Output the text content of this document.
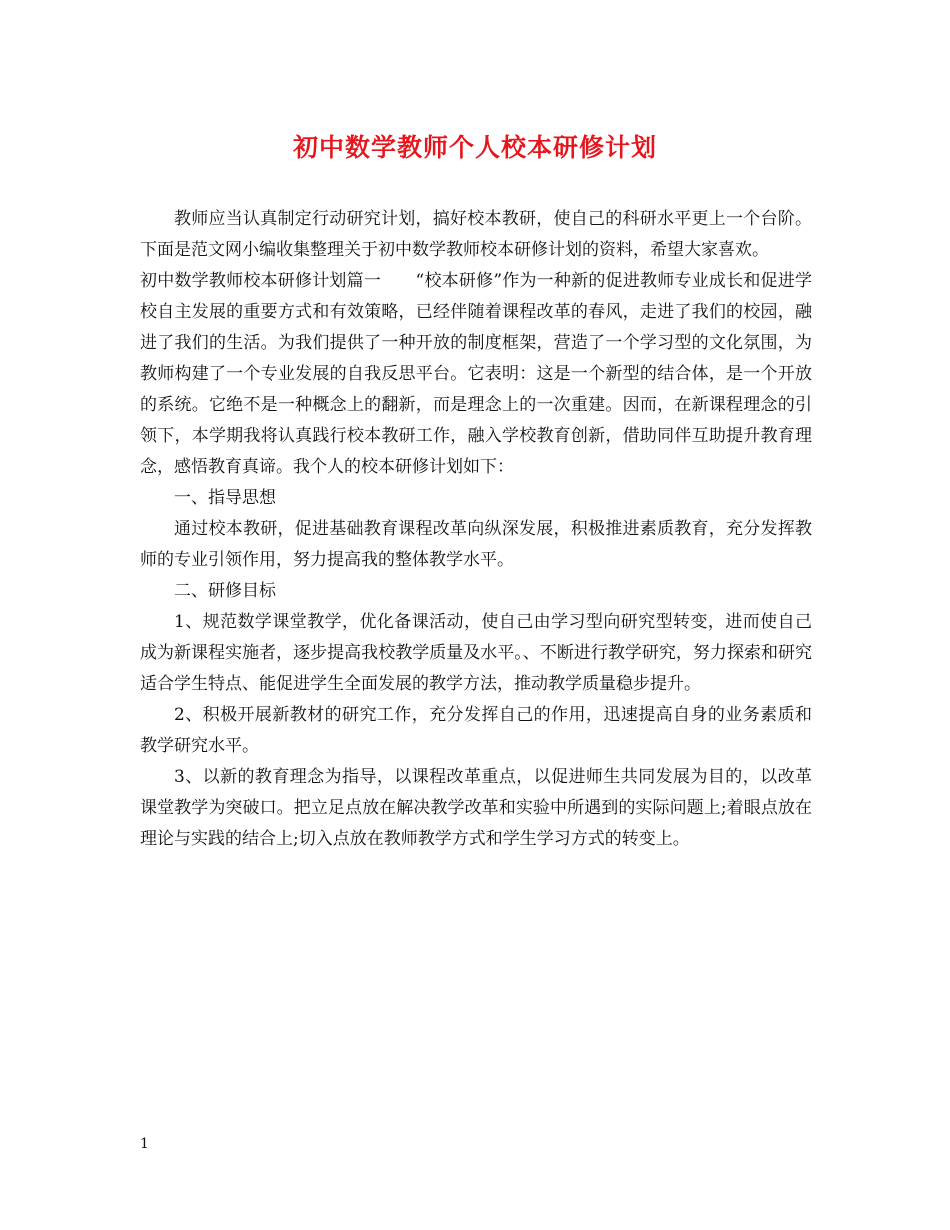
初中数学教师个人校本研修计划

教师应当认真制定行动研究计划，搞好校本教研，使自己的科研水平更上一个台阶。下面是范文网小编收集整理关于初中数学教师校本研修计划的资料，希望大家喜欢。

初中数学教师校本研修计划篇一　　“校本研修”作为一种新的促进教师专业成长和促进学校自主发展的重要方式和有效策略，已经伴随着课程改革的春风，走进了我们的校园，融进了我们的生活。为我们提供了一种开放的制度框架，营造了一个学习型的文化氛围，为教师构建了一个专业发展的自我反思平台。它表明：这是一个新型的结合体，是一个开放的系统。它绝不是一种概念上的翻新，而是理念上的一次重建。因而，在新课程理念的引领下，本学期我将认真践行校本教研工作，融入学校教育创新，借助同伴互助提升教育理念，感悟教育真谛。我个人的校本研修计划如下：

一、指导思想

通过校本教研，促进基础教育课程改革向纵深发展，积极推进素质教育，充分发挥教师的专业引领作用，努力提高我的整体教学水平。

二、研修目标

1、规范数学课堂教学，优化备课活动，使自己由学习型向研究型转变，进而使自己成为新课程实施者，逐步提高我校教学质量及水平。、不断进行教学研究，努力探索和研究适合学生特点、能促进学生全面发展的教学方法，推动教学质量稳步提升。

2、积极开展新教材的研究工作，充分发挥自己的作用，迅速提高自身的业务素质和教学研究水平。

3、以新的教育理念为指导，以课程改革重点，以促进师生共同发展为目的，以改革课堂教学为突破口。把立足点放在解决教学改革和实验中所遇到的实际问题上;着眼点放在理论与实践的结合上;切入点放在教师教学方式和学生学习方式的转变上。

1
